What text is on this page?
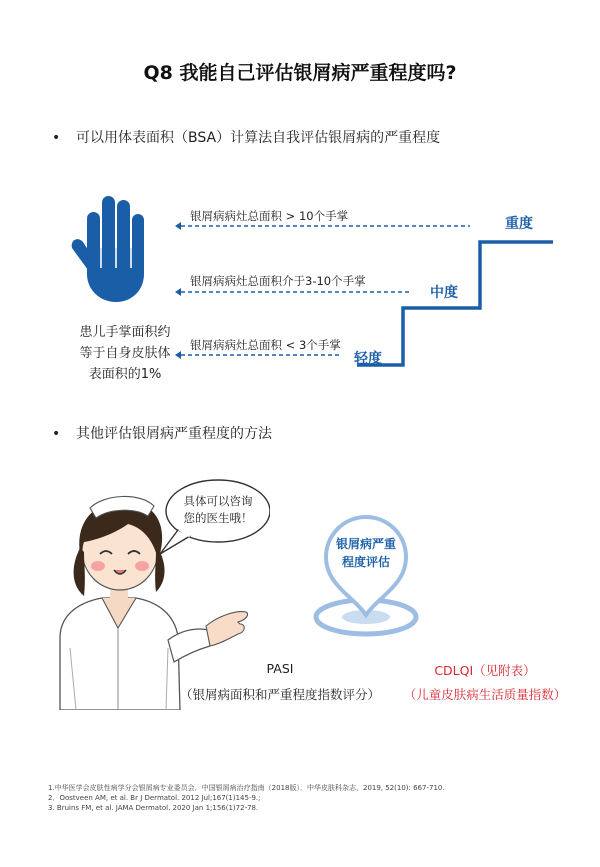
Q8 我能自己评估银屑病严重程度吗?
• 可以用体表面积（BSA）计算法自我评估银屑病的严重程度
患儿手掌面积约
等于自身皮肤体
表面积的1%
银屑病病灶总面积 > 10个手掌
银屑病病灶总面积介于3-10个手掌
银屑病病灶总面积 < 3个手掌
重度
中度
轻度
• 其他评估银屑病严重程度的方法
具体可以咨询
您的医生哦！
银屑病严重
程度评估
PASI
（银屑病面积和严重程度指数评分）
CDLQI（见附表）
（儿童皮肤病生活质量指数）
1.中华医学会皮肤性病学分会银屑病专业委员会．中国银屑病治疗指南（2018版）．中华皮肤科杂志，2019, 52(10): 667-710.
2．Oostveen AM, et al. Br J Dermatol. 2012 Jul;167(1)145-9.;
3. Bruins FM, et al. JAMA Dermatol. 2020 Jan 1;156(1)72-78.
